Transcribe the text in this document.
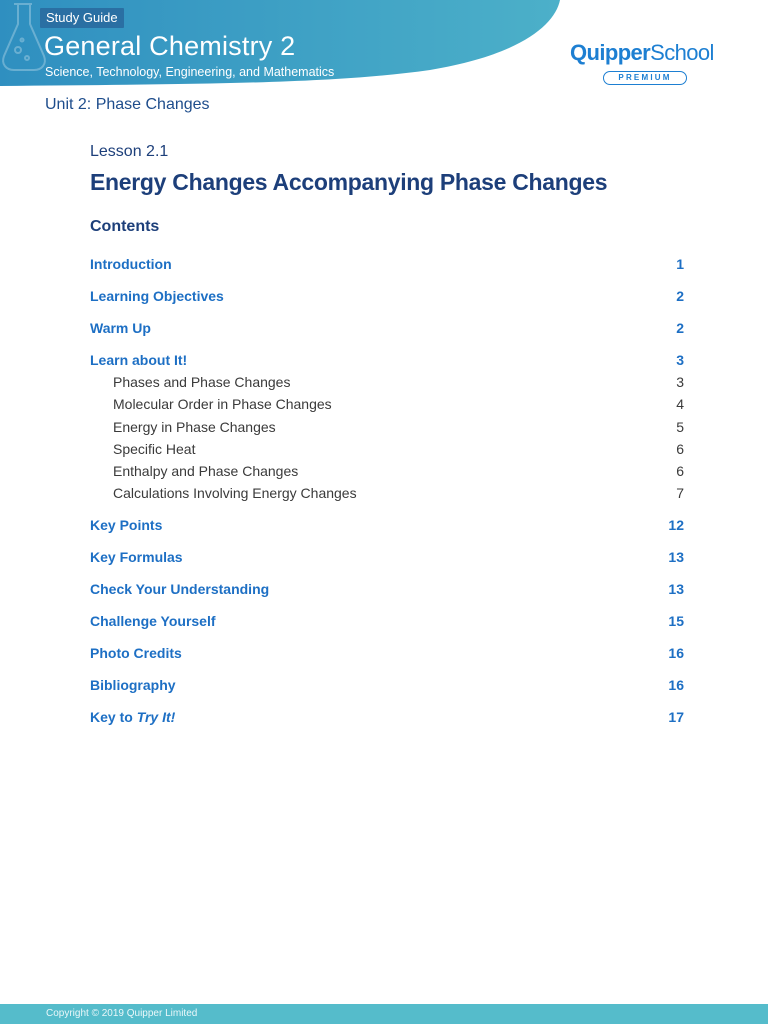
Study Guide
General Chemistry 2
Science, Technology, Engineering, and Mathematics
QuipperSchool
PREMIUM
Unit 2: Phase Changes
Lesson 2.1
Energy Changes Accompanying Phase Changes
Contents
Introduction	1
Learning Objectives	2
Warm Up	2
Learn about It!	3
Phases and Phase Changes	3
Molecular Order in Phase Changes	4
Energy in Phase Changes	5
Specific Heat	6
Enthalpy and Phase Changes	6
Calculations Involving Energy Changes	7
Key Points	12
Key Formulas	13
Check Your Understanding	13
Challenge Yourself	15
Photo Credits	16
Bibliography	16
Key to Try It!	17
Copyright © 2019 Quipper Limited
